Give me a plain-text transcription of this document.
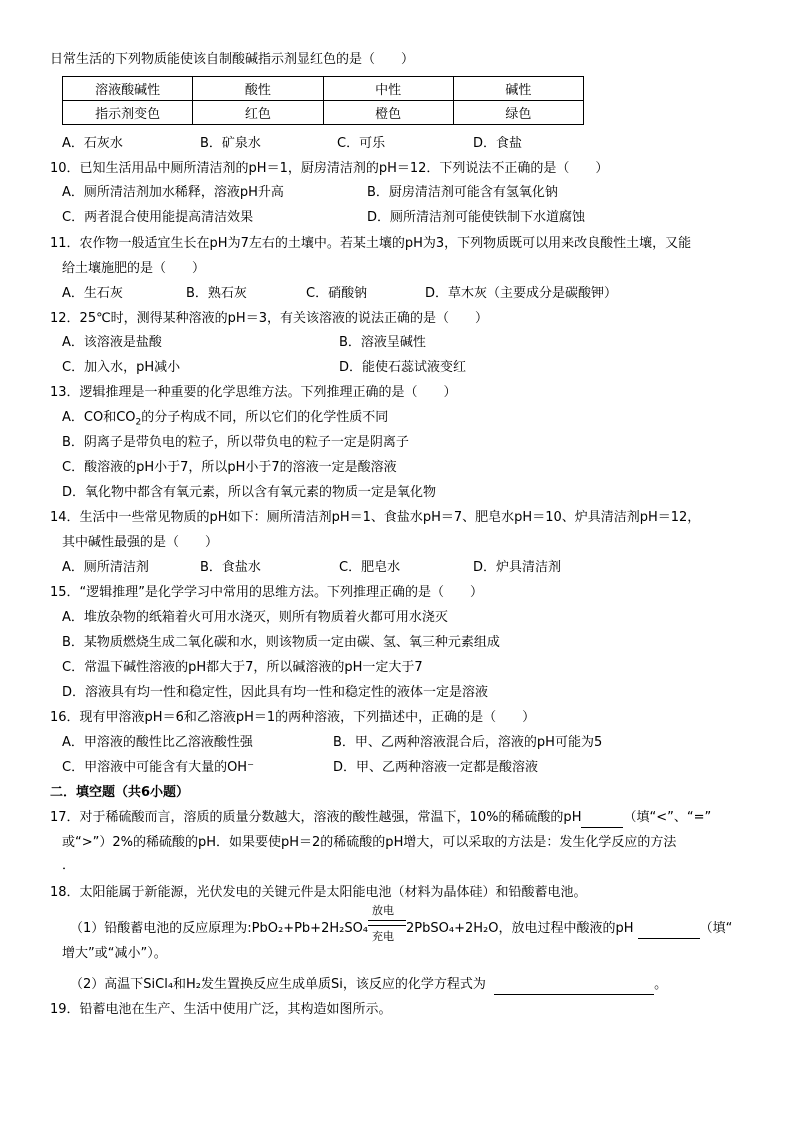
日常生活的下列物质能使该自制酸碱指示剂显红色的是（　　）
溶液酸碱性	酸性	中性	碱性
指示剂变色	红色	橙色	绿色
A．石灰水	B．矿泉水	C．可乐	D．食盐
10．已知生活用品中厕所清洁剂的pH＝1，厨房清洁剂的pH＝12．下列说法不正确的是（　　）
A．厕所清洁剂加水稀释，溶液pH升高	B．厨房清洁剂可能含有氢氧化钠
C．两者混合使用能提高清洁效果	D．厕所清洁剂可能使铁制下水道腐蚀
11．农作物一般适宜生长在pH为7左右的土壤中。若某土壤的pH为3，下列物质既可以用来改良酸性土壤，又能
给土壤施肥的是（　　）
A．生石灰	B．熟石灰	C．硝酸钠	D．草木灰（主要成分是碳酸钾）
12．25℃时，测得某种溶液的pH＝3，有关该溶液的说法正确的是（　　）
A．该溶液是盐酸	B．溶液呈碱性
C．加入水，pH减小	D．能使石蕊试液变红
13．逻辑推理是一种重要的化学思维方法。下列推理正确的是（　　）
A．CO和$CO_2$的分子构成不同，所以它们的化学性质不同
B．阴离子是带负电的粒子，所以带负电的粒子一定是阴离子
C．酸溶液的pH小于7，所以pH小于7的溶液一定是酸溶液
D．氧化物中都含有氧元素，所以含有氧元素的物质一定是氧化物
14．生活中一些常见物质的pH如下：厕所清洁剂pH＝1、食盐水pH＝7、肥皂水pH＝10、炉具清洁剂pH＝12，
其中碱性最强的是（　　）
A．厕所清洁剂	B．食盐水	C．肥皂水	D．炉具清洁剂
15．“逻辑推理”是化学学习中常用的思维方法。下列推理正确的是（　　）
A．堆放杂物的纸箱着火可用水浇灭，则所有物质着火都可用水浇灭
B．某物质燃烧生成二氧化碳和水，则该物质一定由碳、氢、氧三种元素组成
C．常温下碱性溶液的pH都大于7，所以碱溶液的pH一定大于7
D．溶液具有均一性和稳定性，因此具有均一性和稳定性的液体一定是溶液
16．现有甲溶液pH＝6和乙溶液pH＝1的两种溶液，下列描述中，正确的是（　　）
A．甲溶液的酸性比乙溶液酸性强	B．甲、乙两种溶液混合后，溶液的pH可能为5
C．甲溶液中可能含有大量的OH⁻	D．甲、乙两种溶液一定都是酸溶液
二．填空题（共6小题）
17．对于稀硫酸而言，溶质的质量分数越大，溶液的酸性越强，常温下，10%的稀硫酸的pH	（填“<”、“=”
或“>”）2%的稀硫酸的pH．如果要使pH＝2的稀硫酸的pH增大，可以采取的方法是：发生化学反应的方法
．
18．太阳能属于新能源，光伏发电的关键元件是太阳能电池（材料为晶体硅）和铅酸蓄电池。
（1）铅酸蓄电池的反应原理为:PbO₂+Pb+2H₂SO₄
放电
充电
2PbSO₄+2H₂O，放电过程中酸液的pH	（填“
增大”或“减小”）。
（2）高温下SiCl₄和H₂发生置换反应生成单质Si，该反应的化学方程式为	。
19．铅蓄电池在生产、生活中使用广泛，其构造如图所示。
